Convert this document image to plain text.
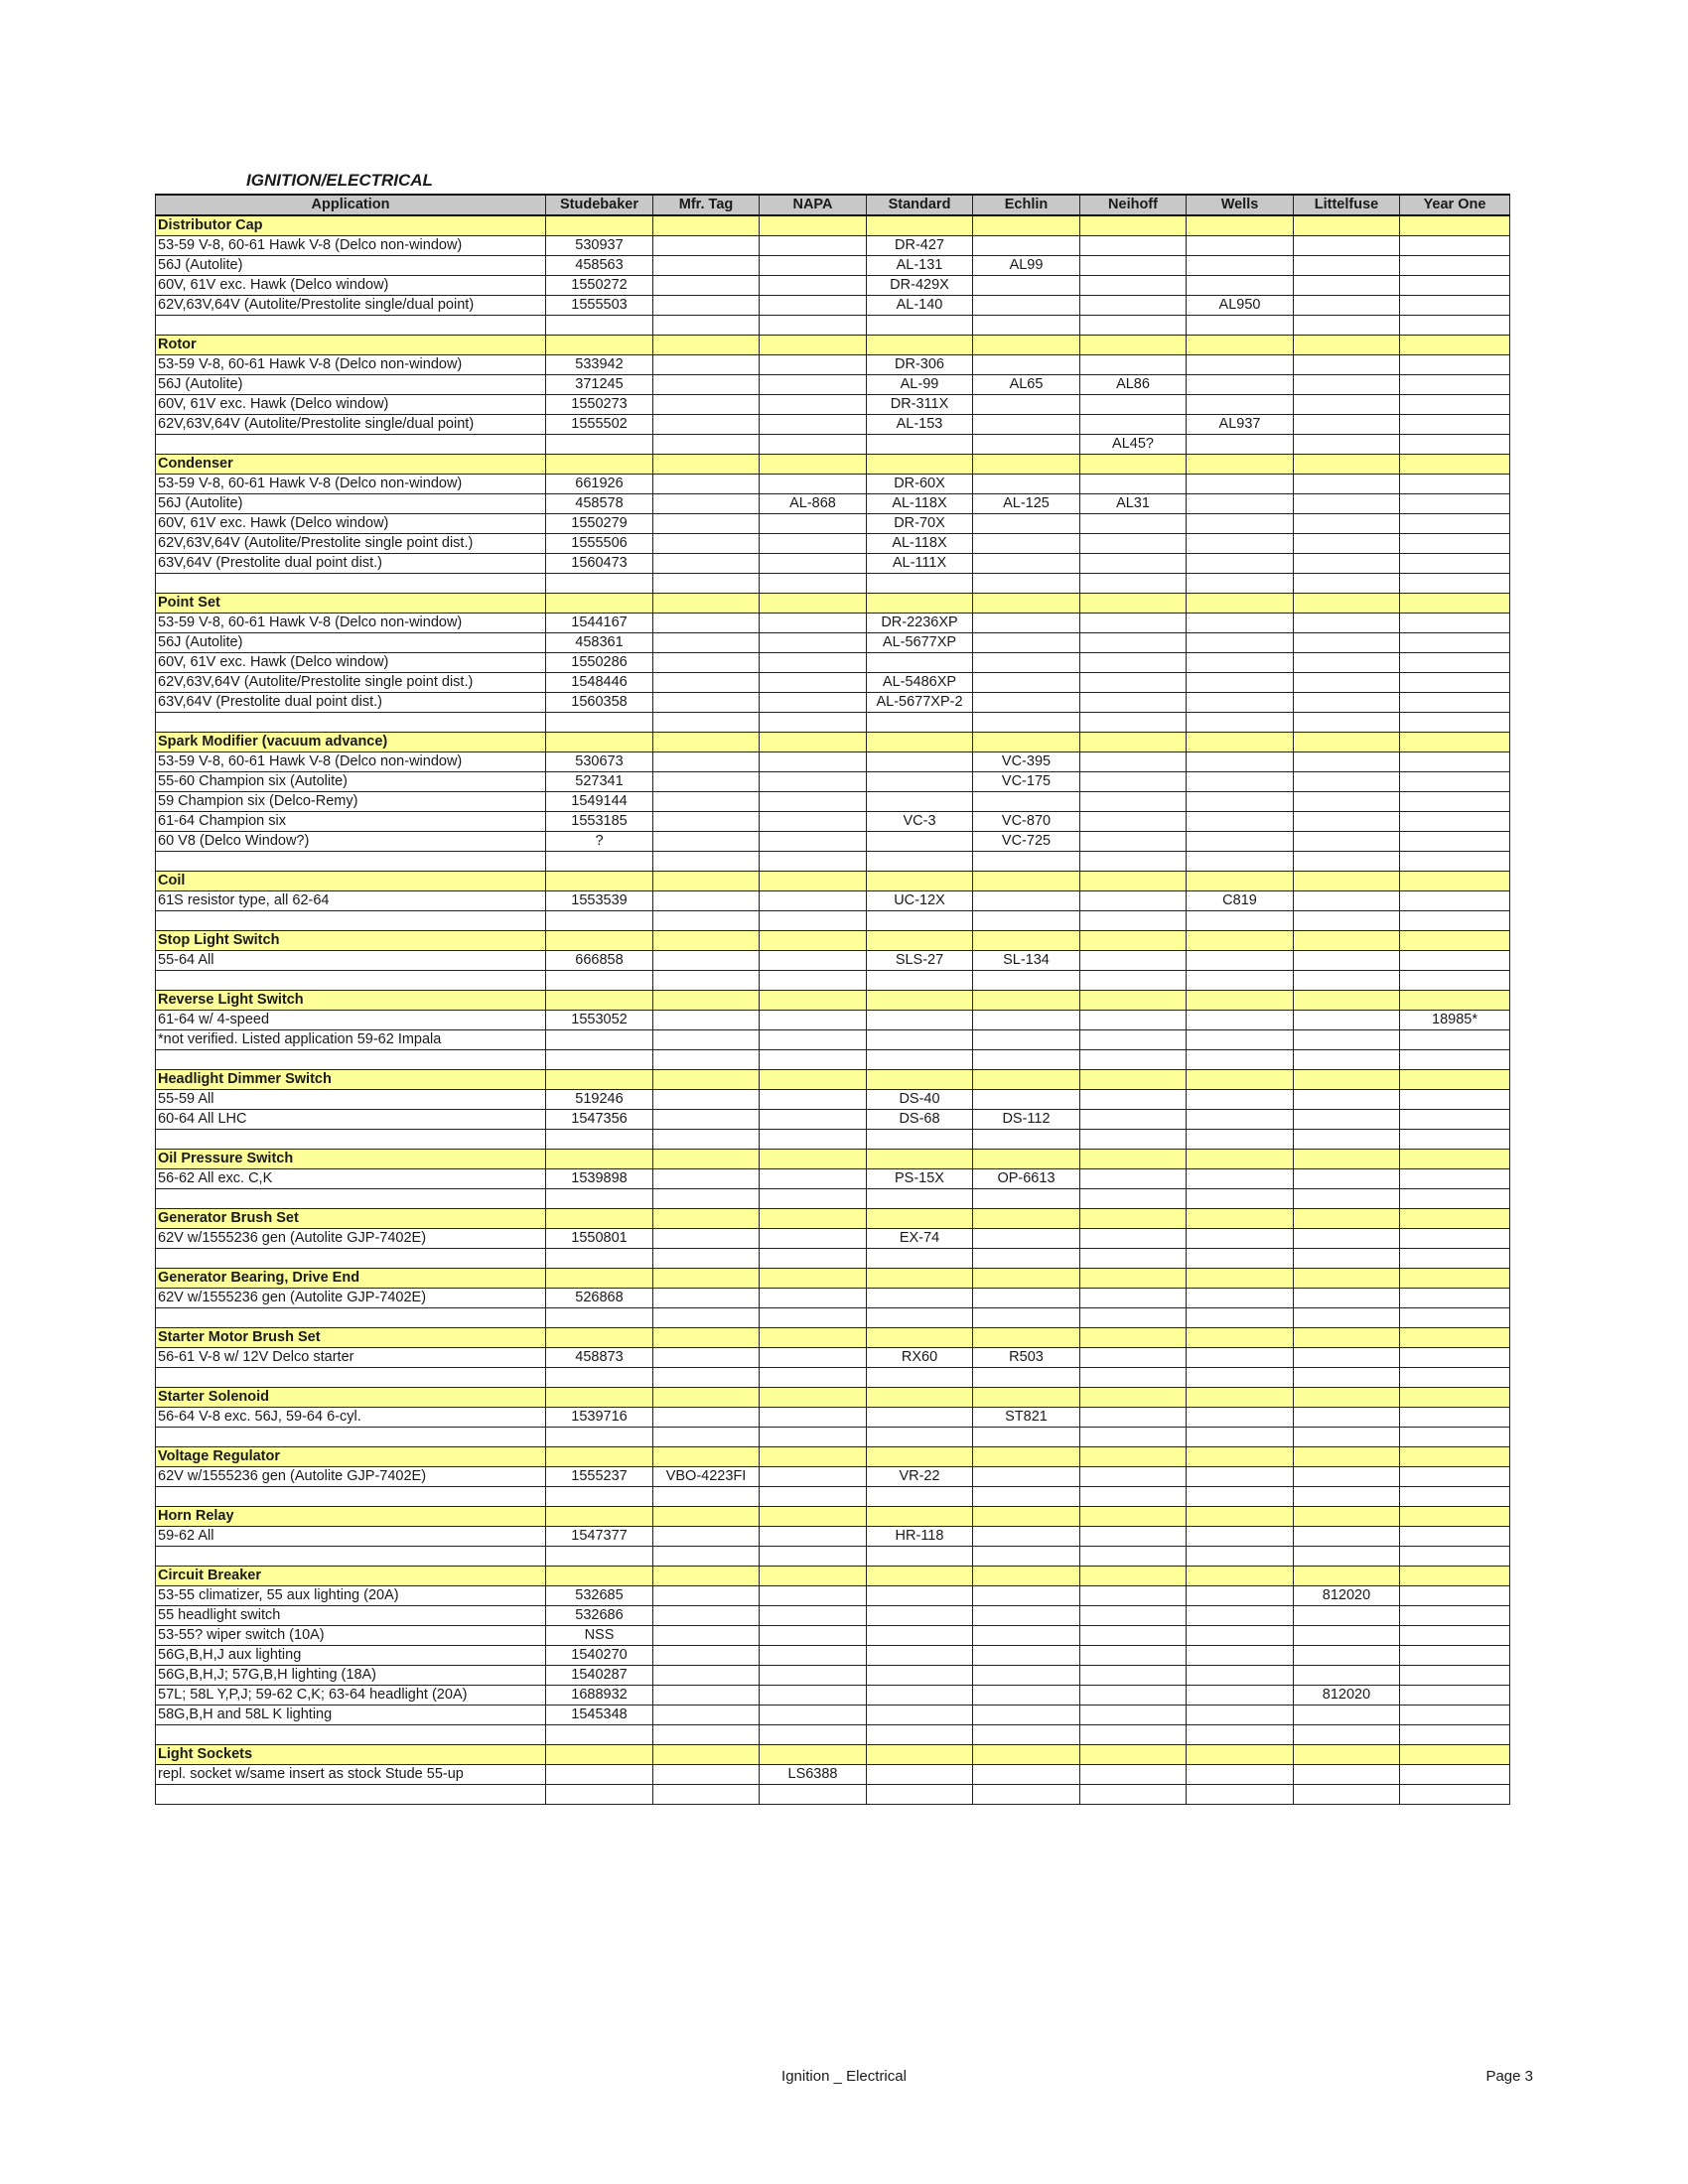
IGNITION/ELECTRICAL
Application	Studebaker	Mfr. Tag	NAPA	Standard	Echlin	Neihoff	Wells	Littelfuse	Year One
Distributor Cap									
53-59 V-8, 60-61 Hawk V-8 (Delco non-window)	530937			DR-427					
56J (Autolite)	458563			AL-131	AL99				
60V, 61V exc. Hawk (Delco window)	1550272			DR-429X					
62V,63V,64V (Autolite/Prestolite single/dual point)	1555503			AL-140			AL950		

Rotor									
53-59 V-8, 60-61 Hawk V-8 (Delco non-window)	533942			DR-306					
56J (Autolite)	371245			AL-99	AL65	AL86			
60V, 61V exc. Hawk (Delco window)	1550273			DR-311X					
62V,63V,64V (Autolite/Prestolite single/dual point)	1555502			AL-153			AL937		
						AL45?			
Condenser									
53-59 V-8, 60-61 Hawk V-8 (Delco non-window)	661926			DR-60X					
56J (Autolite)	458578		AL-868	AL-118X	AL-125	AL31			
60V, 61V exc. Hawk (Delco window)	1550279			DR-70X					
62V,63V,64V (Autolite/Prestolite single point dist.)	1555506			AL-118X					
63V,64V (Prestolite dual point dist.)	1560473			AL-111X					

Point Set									
53-59 V-8, 60-61 Hawk V-8 (Delco non-window)	1544167			DR-2236XP					
56J (Autolite)	458361			AL-5677XP					
60V, 61V exc. Hawk (Delco window)	1550286								
62V,63V,64V (Autolite/Prestolite single point dist.)	1548446			AL-5486XP					
63V,64V (Prestolite dual point dist.)	1560358			AL-5677XP-2					

Spark Modifier (vacuum advance)									
53-59 V-8, 60-61 Hawk V-8 (Delco non-window)	530673				VC-395				
55-60 Champion six (Autolite)	527341				VC-175				
59 Champion six (Delco-Remy)	1549144								
61-64 Champion six	1553185			VC-3	VC-870				
60 V8 (Delco Window?)	?				VC-725				

Coil									
61S resistor type, all 62-64	1553539			UC-12X			C819		

Stop Light Switch									
55-64 All	666858			SLS-27	SL-134				

Reverse Light Switch									
61-64 w/ 4-speed	1553052								18985*
*not verified. Listed application 59-62 Impala									

Headlight Dimmer Switch									
55-59 All	519246			DS-40					
60-64 All LHC	1547356			DS-68	DS-112				

Oil Pressure Switch									
56-62 All exc. C,K	1539898			PS-15X	OP-6613				

Generator Brush Set									
62V w/1555236 gen (Autolite GJP-7402E)	1550801			EX-74					

Generator Bearing, Drive End									
62V w/1555236 gen (Autolite GJP-7402E)	526868								

Starter Motor Brush Set									
56-61 V-8 w/ 12V Delco starter	458873			RX60	R503				

Starter Solenoid									
56-64 V-8 exc. 56J, 59-64 6-cyl.	1539716				ST821				

Voltage Regulator									
62V w/1555236 gen (Autolite GJP-7402E)	1555237	VBO-4223FI		VR-22					

Horn Relay									
59-62 All	1547377			HR-118					

Circuit Breaker									
53-55 climatizer, 55 aux lighting (20A)	532685							812020	
55 headlight switch	532686								
53-55? wiper switch (10A)	NSS								
56G,B,H,J aux lighting	1540270								
56G,B,H,J; 57G,B,H lighting (18A)	1540287								
57L; 58L Y,P,J; 59-62 C,K; 63-64 headlight (20A)	1688932							812020	
58G,B,H and 58L K lighting	1545348								

Light Sockets									
repl. socket w/same insert as stock Stude 55-up			LS6388						

Ignition _ Electrical	Page 3
